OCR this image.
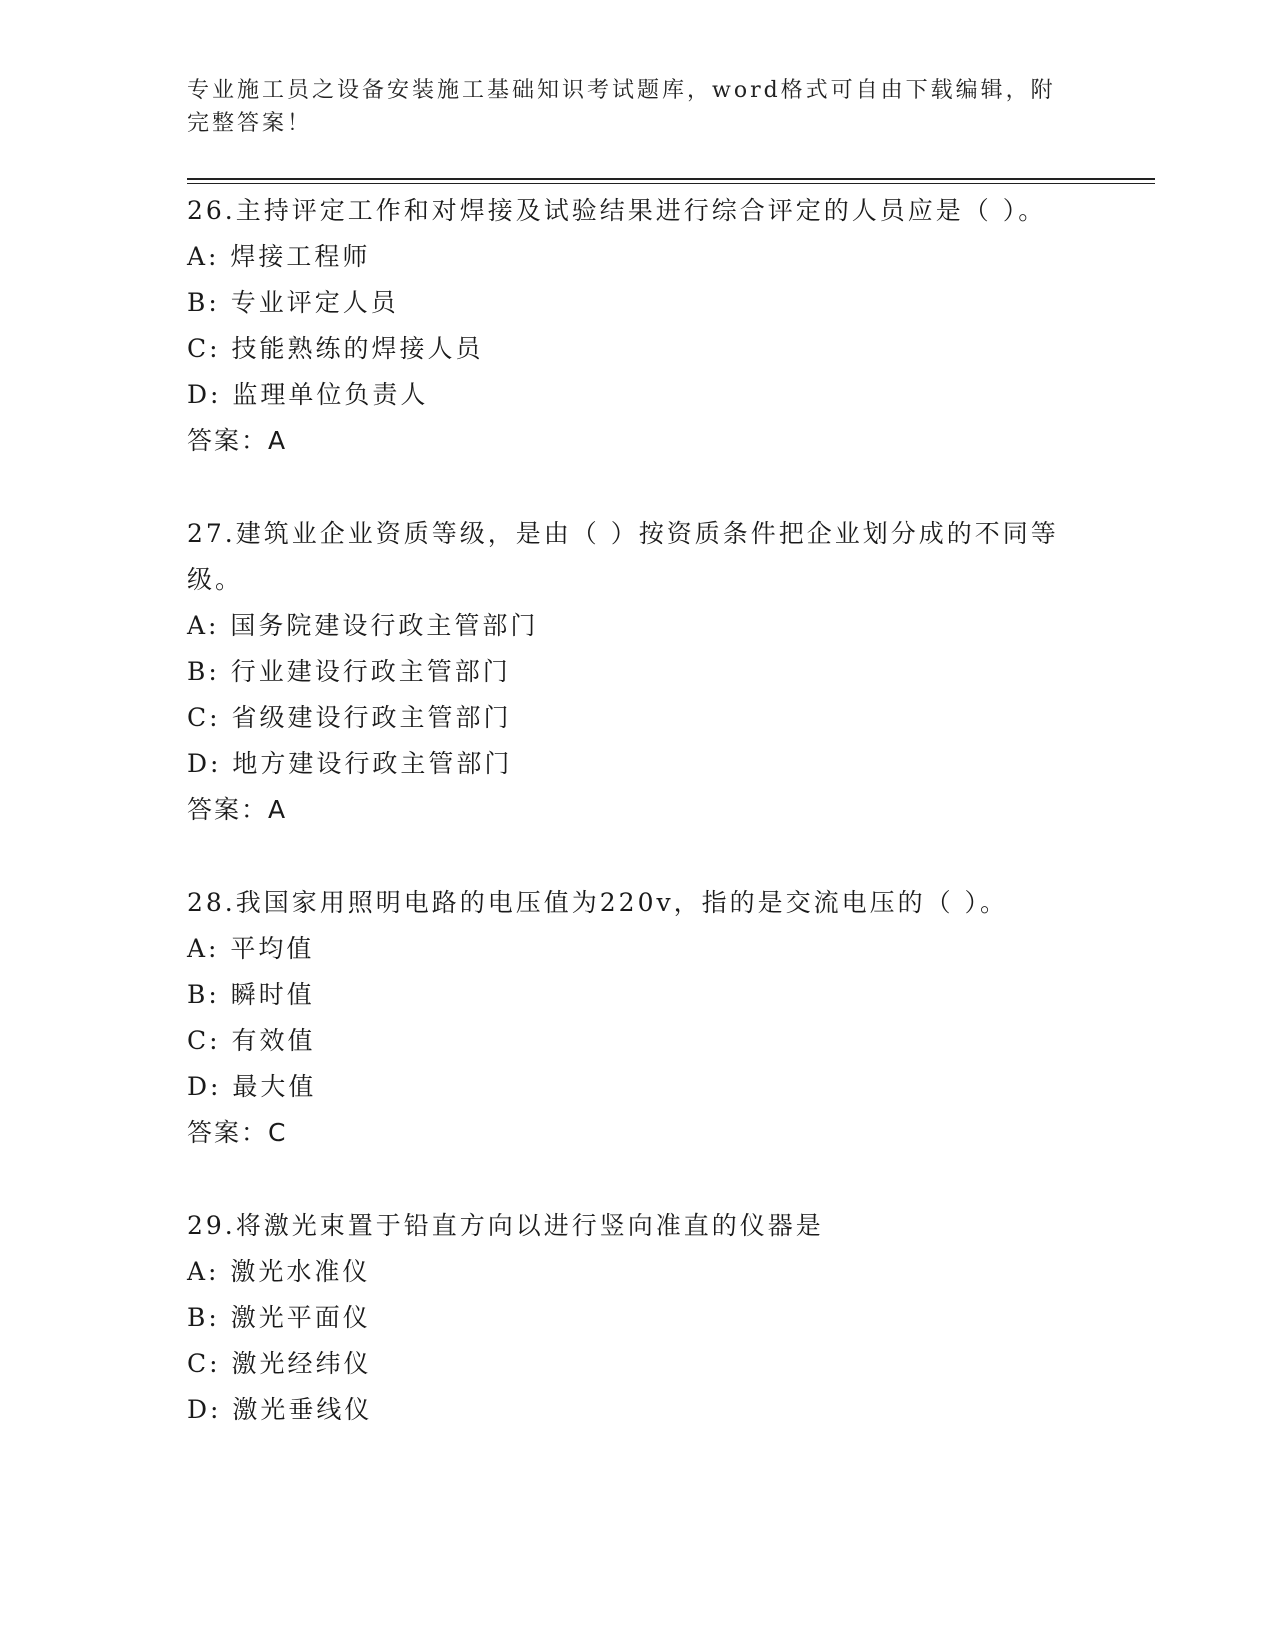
专业施工员之设备安装施工基础知识考试题库，word格式可自由下载编辑，附完整答案！

26.主持评定工作和对焊接及试验结果进行综合评定的人员应是（ ）。

A: 焊接工程师

B: 专业评定人员

C: 技能熟练的焊接人员

D: 监理单位负责人

答案：A

27.建筑业企业资质等级，是由（ ）按资质条件把企业划分成的不同等级。

A: 国务院建设行政主管部门

B: 行业建设行政主管部门

C: 省级建设行政主管部门

D: 地方建设行政主管部门

答案：A

28.我国家用照明电路的电压值为220v，指的是交流电压的（ ）。

A: 平均值

B: 瞬时值

C: 有效值

D: 最大值

答案：C

29.将激光束置于铅直方向以进行竖向准直的仪器是

A: 激光水准仪

B: 激光平面仪

C: 激光经纬仪

D: 激光垂线仪
